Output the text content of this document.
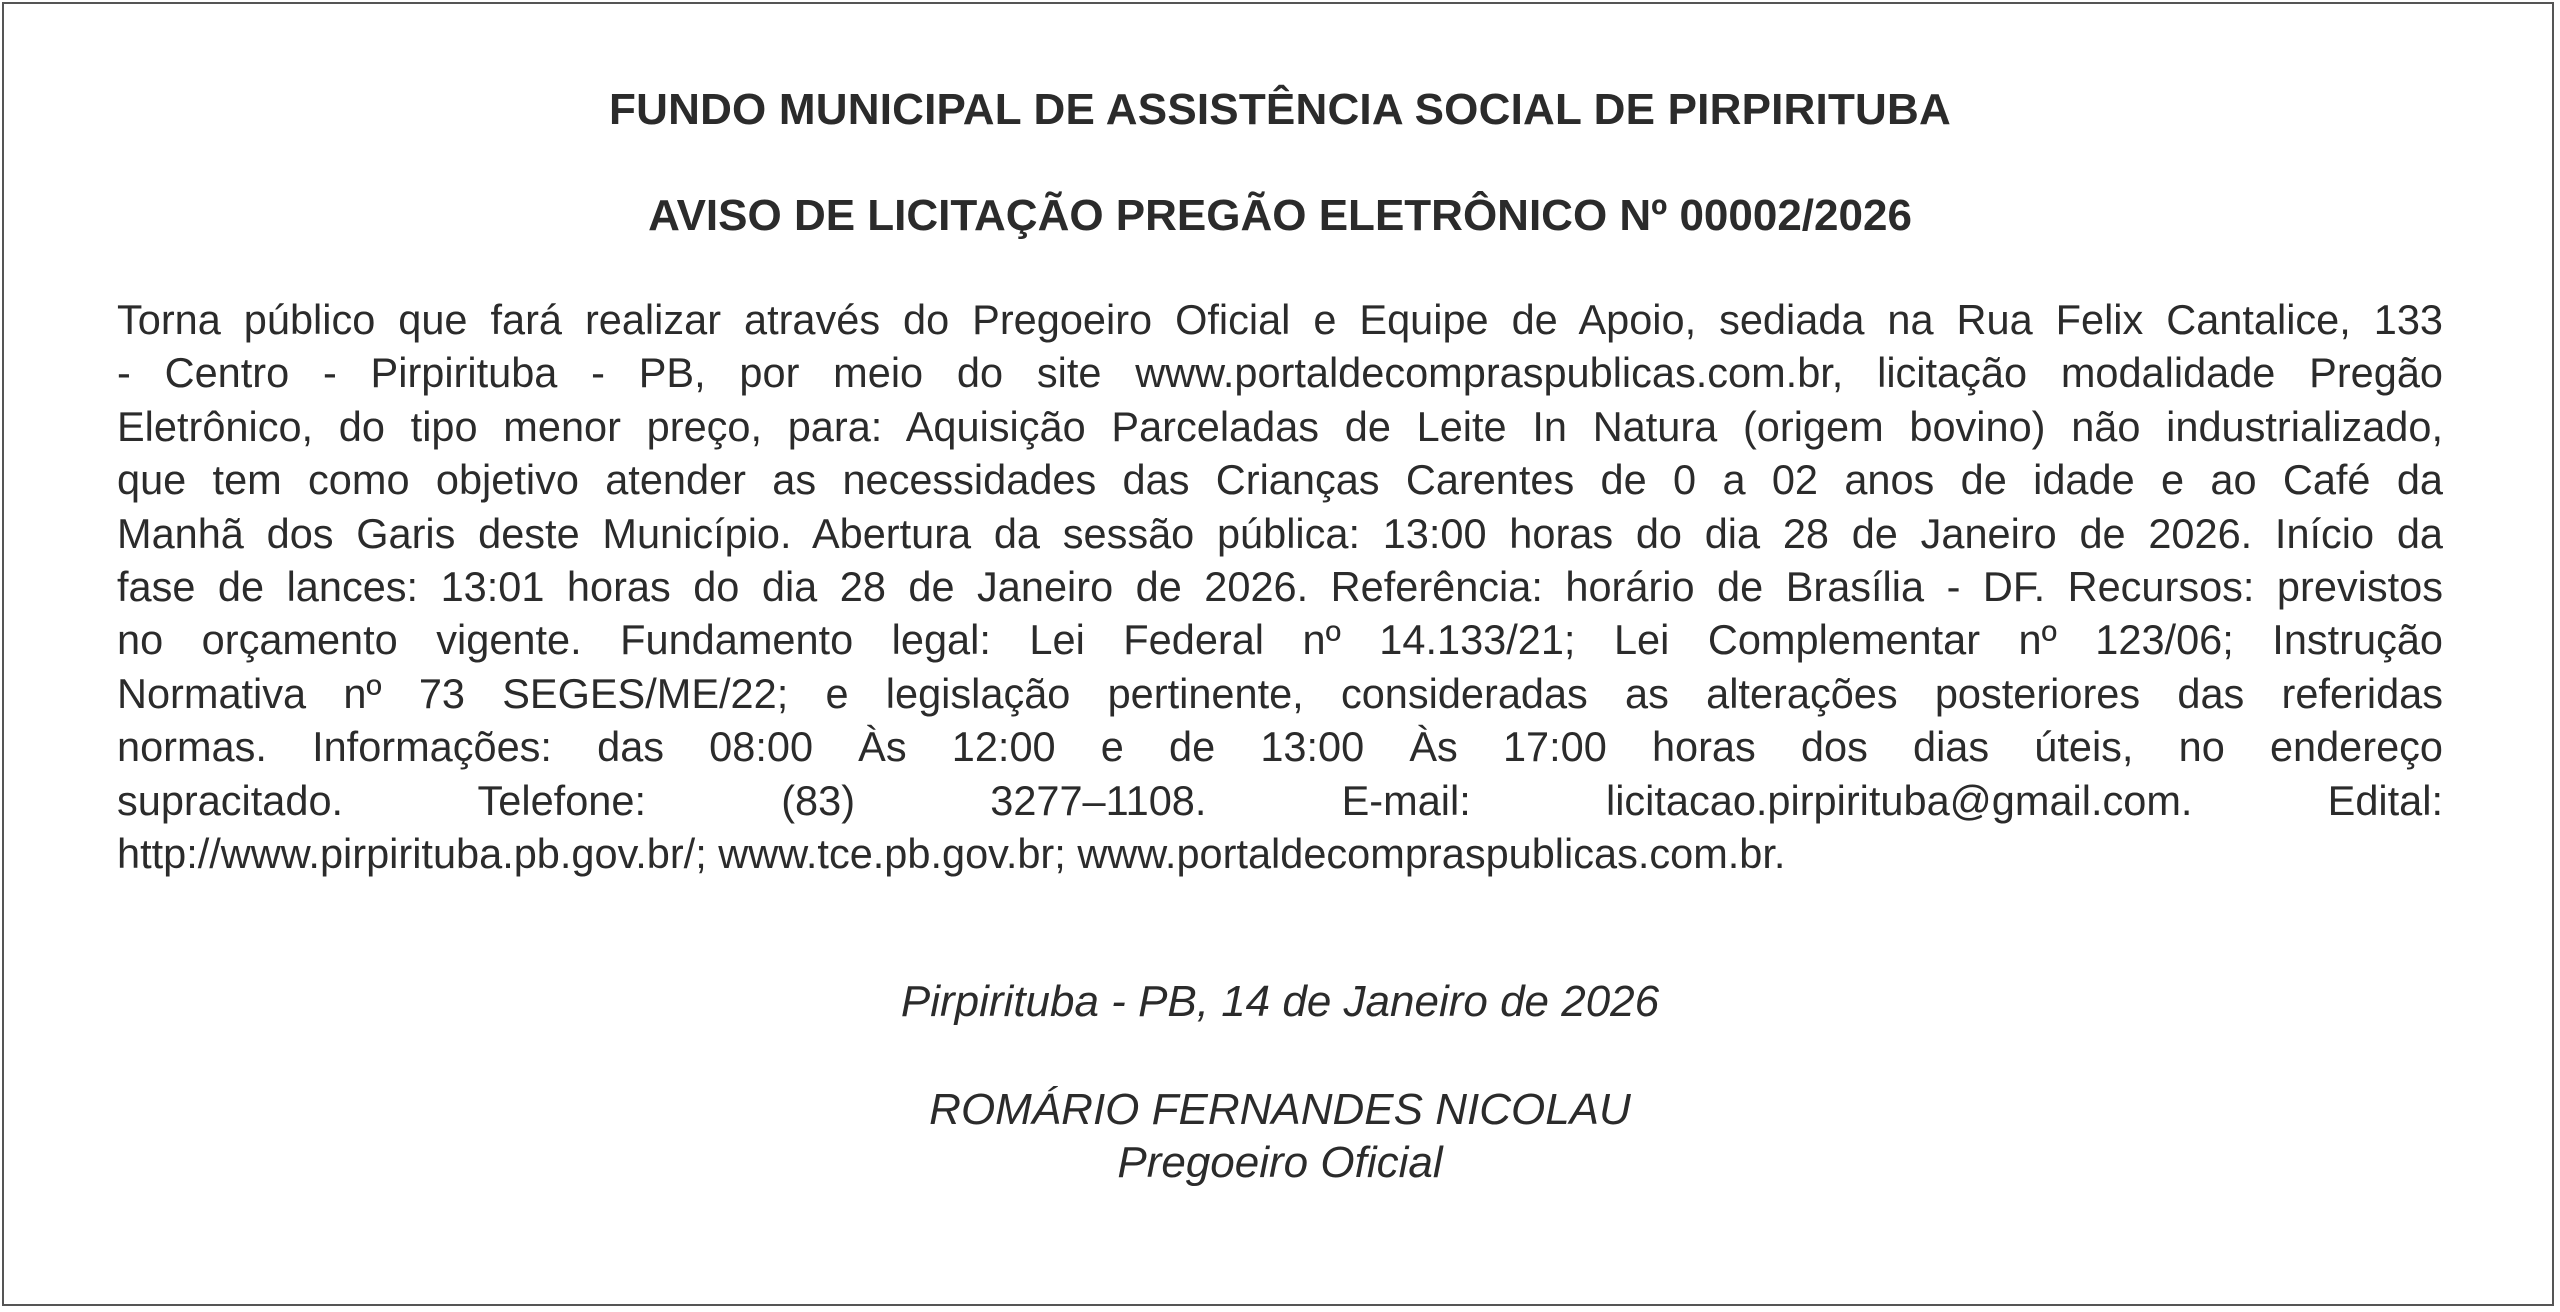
FUNDO MUNICIPAL DE ASSISTÊNCIA SOCIAL DE PIRPIRITUBA
AVISO DE LICITAÇÃO PREGÃO ELETRÔNICO Nº 00002/2026
Torna público que fará realizar através do Pregoeiro Oficial e Equipe de Apoio, sediada na Rua Felix Cantalice, 133
- Centro - Pirpirituba - PB, por meio do site www.portaldecompraspublicas.com.br, licitação modalidade Pregão
Eletrônico, do tipo menor preço, para: Aquisição Parceladas de Leite In Natura (origem bovino) não industrializado,
que tem como objetivo atender as necessidades das Crianças Carentes de 0 a 02 anos de idade e ao Café da
Manhã dos Garis deste Município. Abertura da sessão pública: 13:00 horas do dia 28 de Janeiro de 2026. Início da
fase de lances: 13:01 horas do dia 28 de Janeiro de 2026. Referência: horário de Brasília - DF. Recursos: previstos
no orçamento vigente. Fundamento legal: Lei Federal nº 14.133/21; Lei Complementar nº 123/06; Instrução
Normativa nº 73 SEGES/ME/22; e legislação pertinente, consideradas as alterações posteriores das referidas
normas. Informações: das 08:00 Às 12:00 e de 13:00 Às 17:00 horas dos dias úteis, no endereço
supracitado. Telefone: (83) 3277–1108. E-mail: licitacao.pirpirituba@gmail.com. Edital:
http://www.pirpirituba.pb.gov.br/; www.tce.pb.gov.br; www.portaldecompraspublicas.com.br.
Pirpirituba - PB, 14 de Janeiro de 2026
ROMÁRIO FERNANDES NICOLAU
Pregoeiro Oficial
